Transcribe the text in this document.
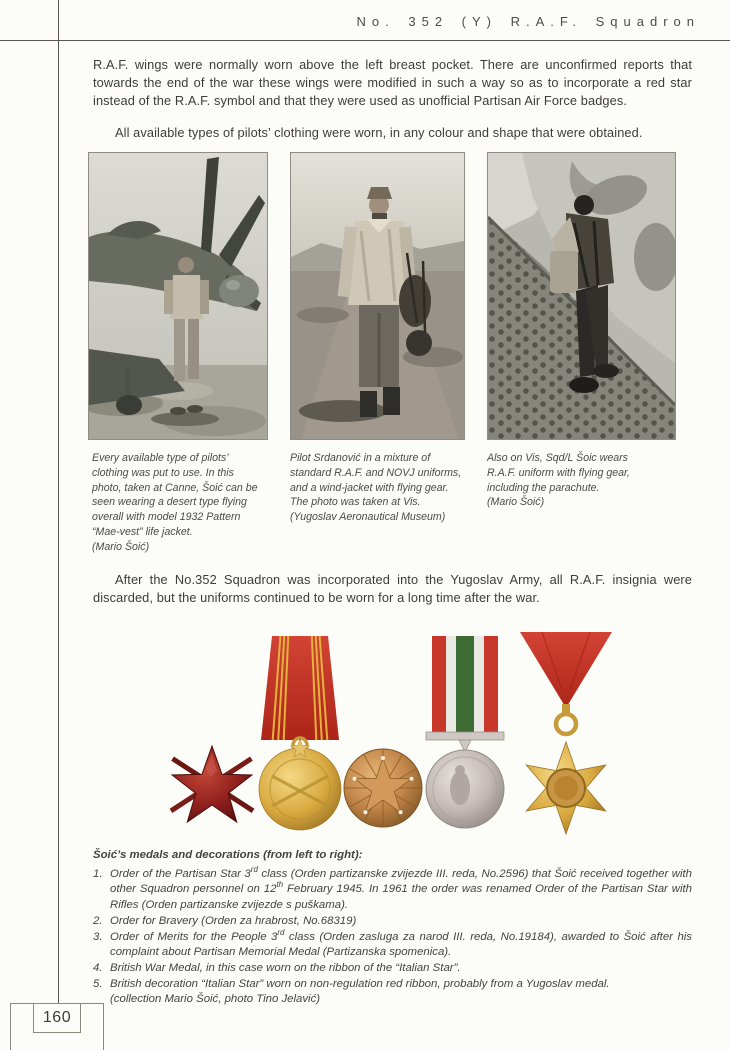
No. 352 (Y) R.A.F. Squadron

R.A.F. wings were normally worn above the left breast pocket. There are unconfirmed reports that towards the end of the war these wings were modified in such a way so as to incorporate a red star instead of the R.A.F. symbol and that they were used as unofficial Partisan Air Force badges.

All available types of pilots’ clothing were worn, in any colour and shape that were obtained.

Every available type of pilots’ clothing was put to use. In this photo, taken at Canne, Šoić can be seen wearing a desert type flying overall with model 1932 Pattern “Mae-vest” life jacket.
(Mario Šoić)
Pilot Srdanović in a mixture of standard R.A.F. and NOVJ uniforms, and a wind-jacket with flying gear. The photo was taken at Vis.
(Yugoslav Aeronautical Museum)
Also on Vis, Sqd/L Šoic wears R.A.F. uniform with flying gear, including the parachute.
(Mario Šoić)

After the No.352 Squadron was incorporated into the Yugoslav Army, all R.A.F. insignia were discarded, but the uniforms continued to be worn for a long time after the war.

Šoić’s medals and decorations (from left to right):
1. Order of the Partisan Star 3rd class (Orden partizanske zvijezde III. reda, No.2596) that Šoić received together with other Squadron personnel on 12th February 1945. In 1961 the order was renamed Order of the Partisan Star with Rifles (Orden partizanske zvijezde s puškama).
2. Order for Bravery (Orden za hrabrost, No.68319)
3. Order of Merits for the People 3rd class (Orden zasluga za narod III. reda, No.19184), awarded to Šoić after his complaint about Partisan Memorial Medal (Partizanska spomenica).
4. British War Medal, in this case worn on the ribbon of the “Italian Star”.
5. British decoration “Italian Star” worn on non-regulation red ribbon, probably from a Yugoslav medal.
(collection Mario Šoić, photo Tino Jelavić)
160
